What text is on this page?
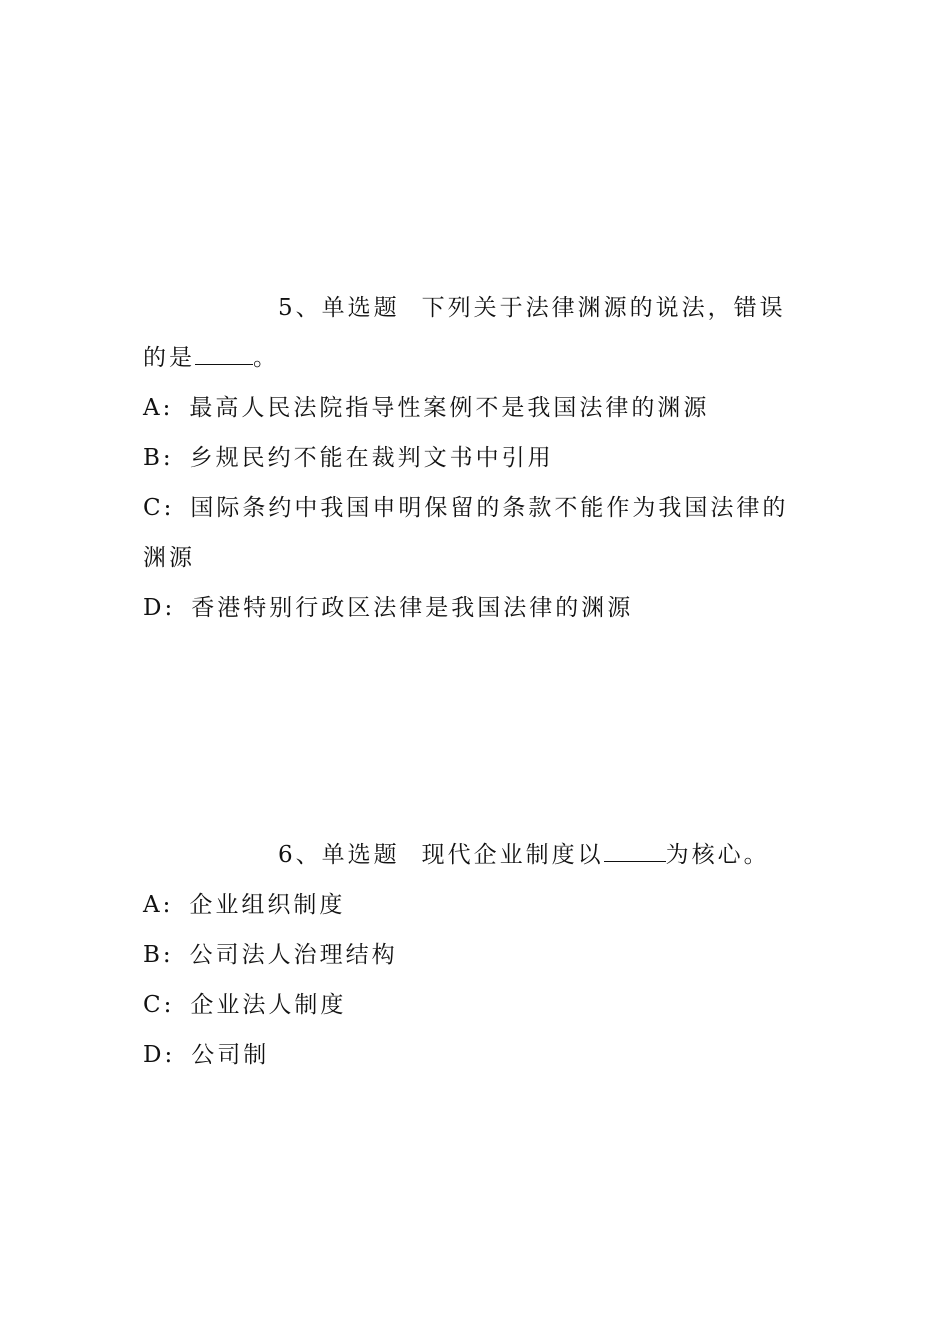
5、单选题 下列关于法律渊源的说法，错误的是	。

A: 最高人民法院指导性案例不是我国法律的渊源

B: 乡规民约不能在裁判文书中引用

C: 国际条约中我国申明保留的条款不能作为我国法律的渊源

D: 香港特别行政区法律是我国法律的渊源

6、单选题 现代企业制度以	为核心。

A: 企业组织制度

B: 公司法人治理结构

C: 企业法人制度

D: 公司制
